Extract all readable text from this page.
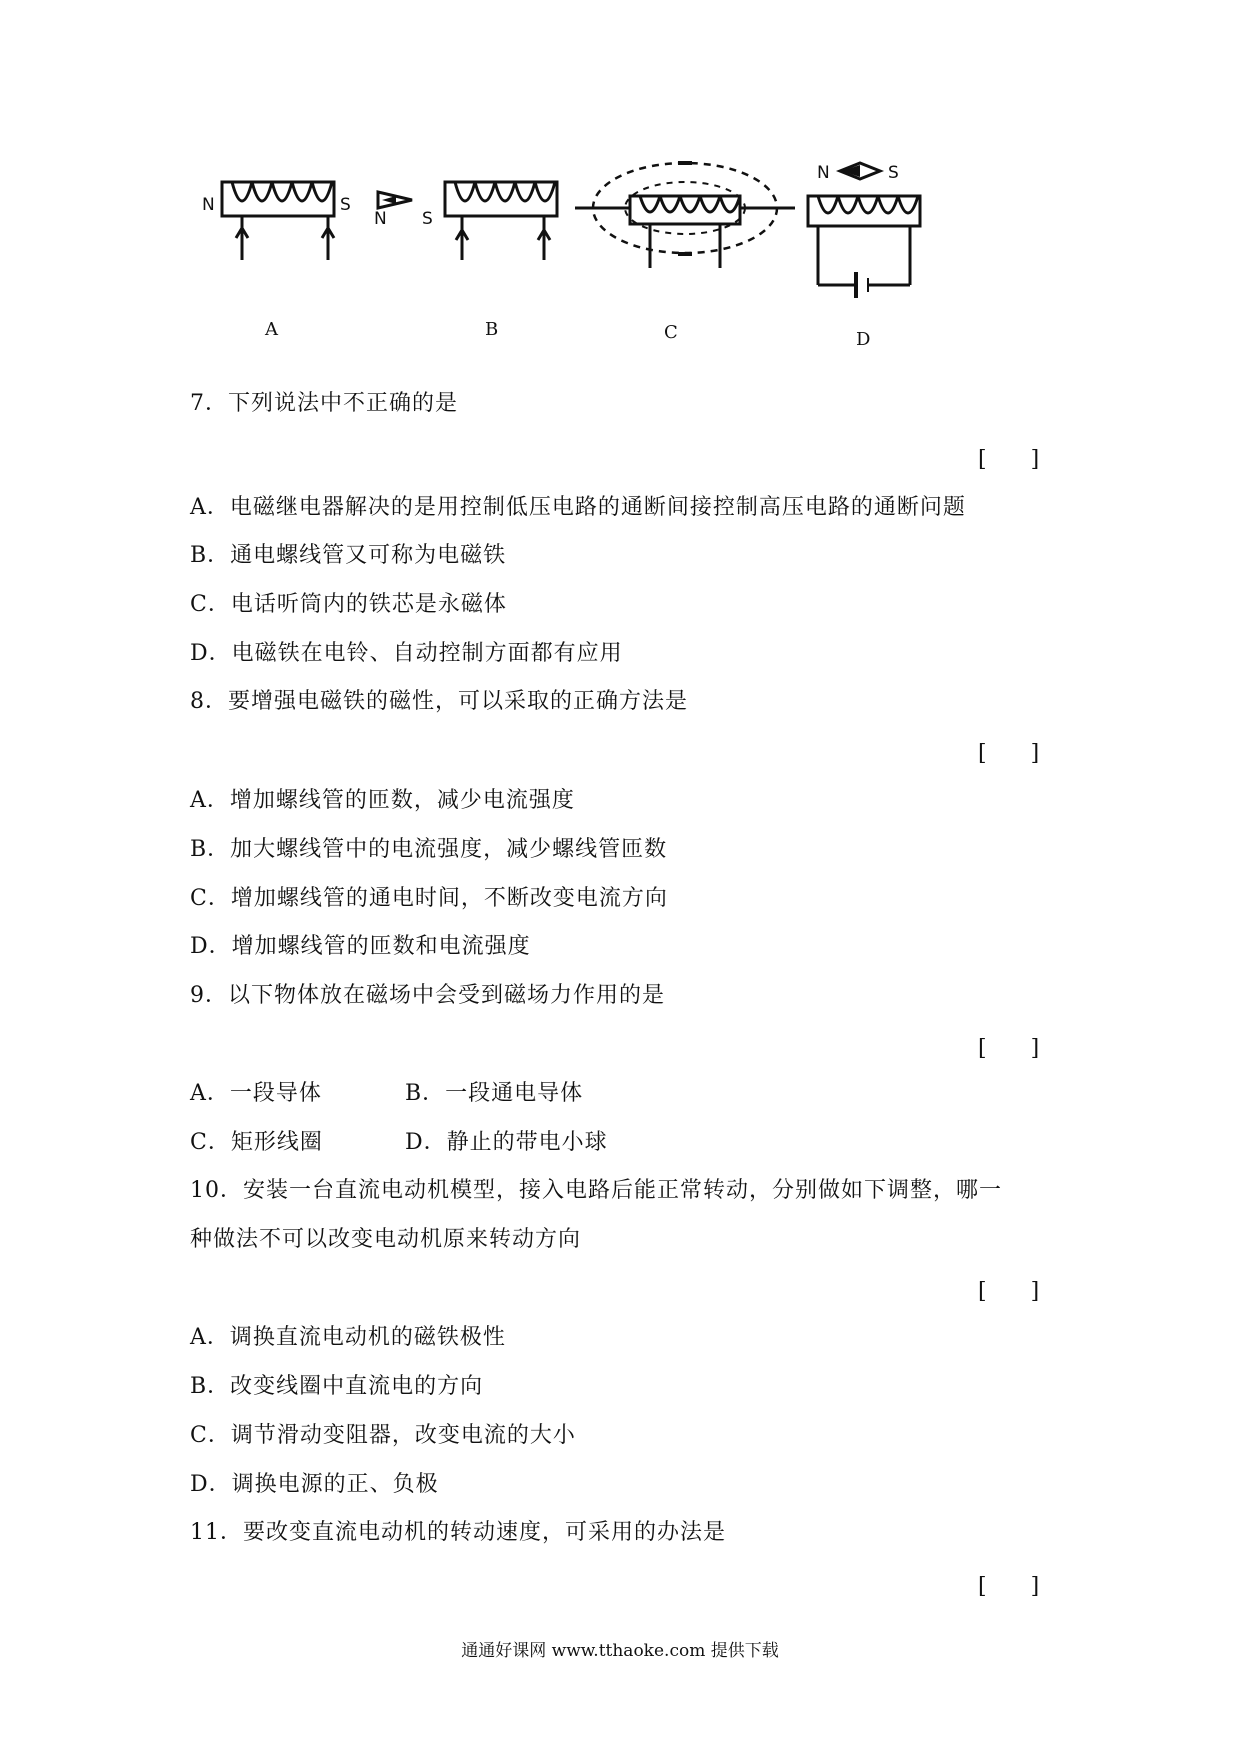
N	S
N S
N	S
A	B	C	D
7．下列说法中不正确的是
[　　]
A．电磁继电器解决的是用控制低压电路的通断间接控制高压电路的通断问题
B．通电螺线管又可称为电磁铁
C．电话听筒内的铁芯是永磁体
D．电磁铁在电铃、自动控制方面都有应用
8．要增强电磁铁的磁性，可以采取的正确方法是
[　　]
A．增加螺线管的匝数，减少电流强度
B．加大螺线管中的电流强度，减少螺线管匝数
C．增加螺线管的通电时间，不断改变电流方向
D．增加螺线管的匝数和电流强度
9．以下物体放在磁场中会受到磁场力作用的是
[　　]
A．一段导体	B．一段通电导体
C．矩形线圈	D．静止的带电小球
10．安装一台直流电动机模型，接入电路后能正常转动，分别做如下调整，哪一
种做法不可以改变电动机原来转动方向
[　　]
A．调换直流电动机的磁铁极性
B．改变线圈中直流电的方向
C．调节滑动变阻器，改变电流的大小
D．调换电源的正、负极
11．要改变直流电动机的转动速度，可采用的办法是
[　　]
通通好课网 www.tthaoke.com 提供下载
